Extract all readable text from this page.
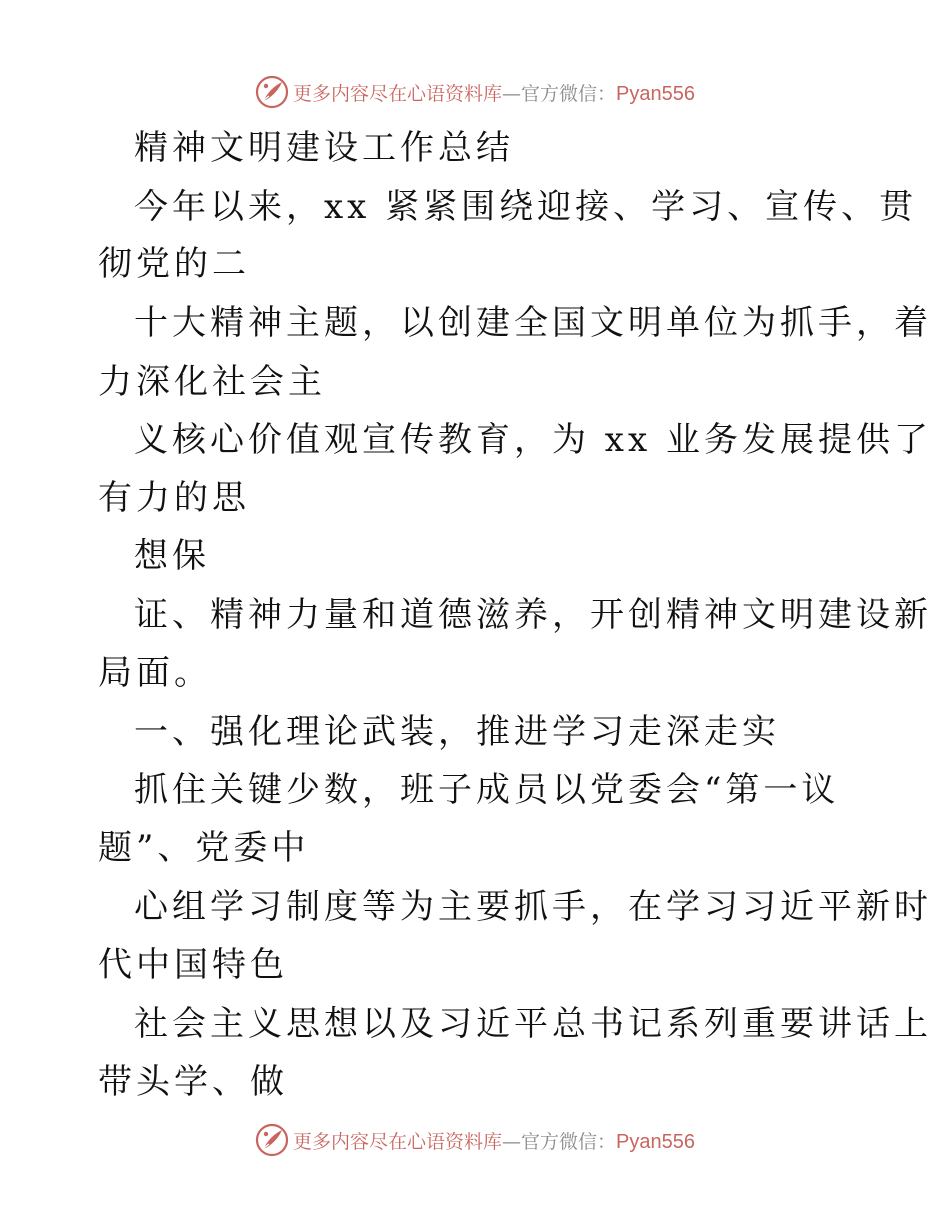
更多内容尽在心语资料库—官方微信：Pyan556
精神文明建设工作总结
今年以来，xx 紧紧围绕迎接、学习、宣传、贯
彻党的二
十大精神主题，以创建全国文明单位为抓手，着
力深化社会主
义核心价值观宣传教育，为 xx 业务发展提供了
有力的思
想保
证、精神力量和道德滋养，开创精神文明建设新
局面。
一、强化理论武装，推进学习走深走实
抓住关键少数，班子成员以党委会“第一议
题”、党委中
心组学习制度等为主要抓手，在学习习近平新时
代中国特色
社会主义思想以及习近平总书记系列重要讲话上
带头学、做
更多内容尽在心语资料库—官方微信：Pyan556
